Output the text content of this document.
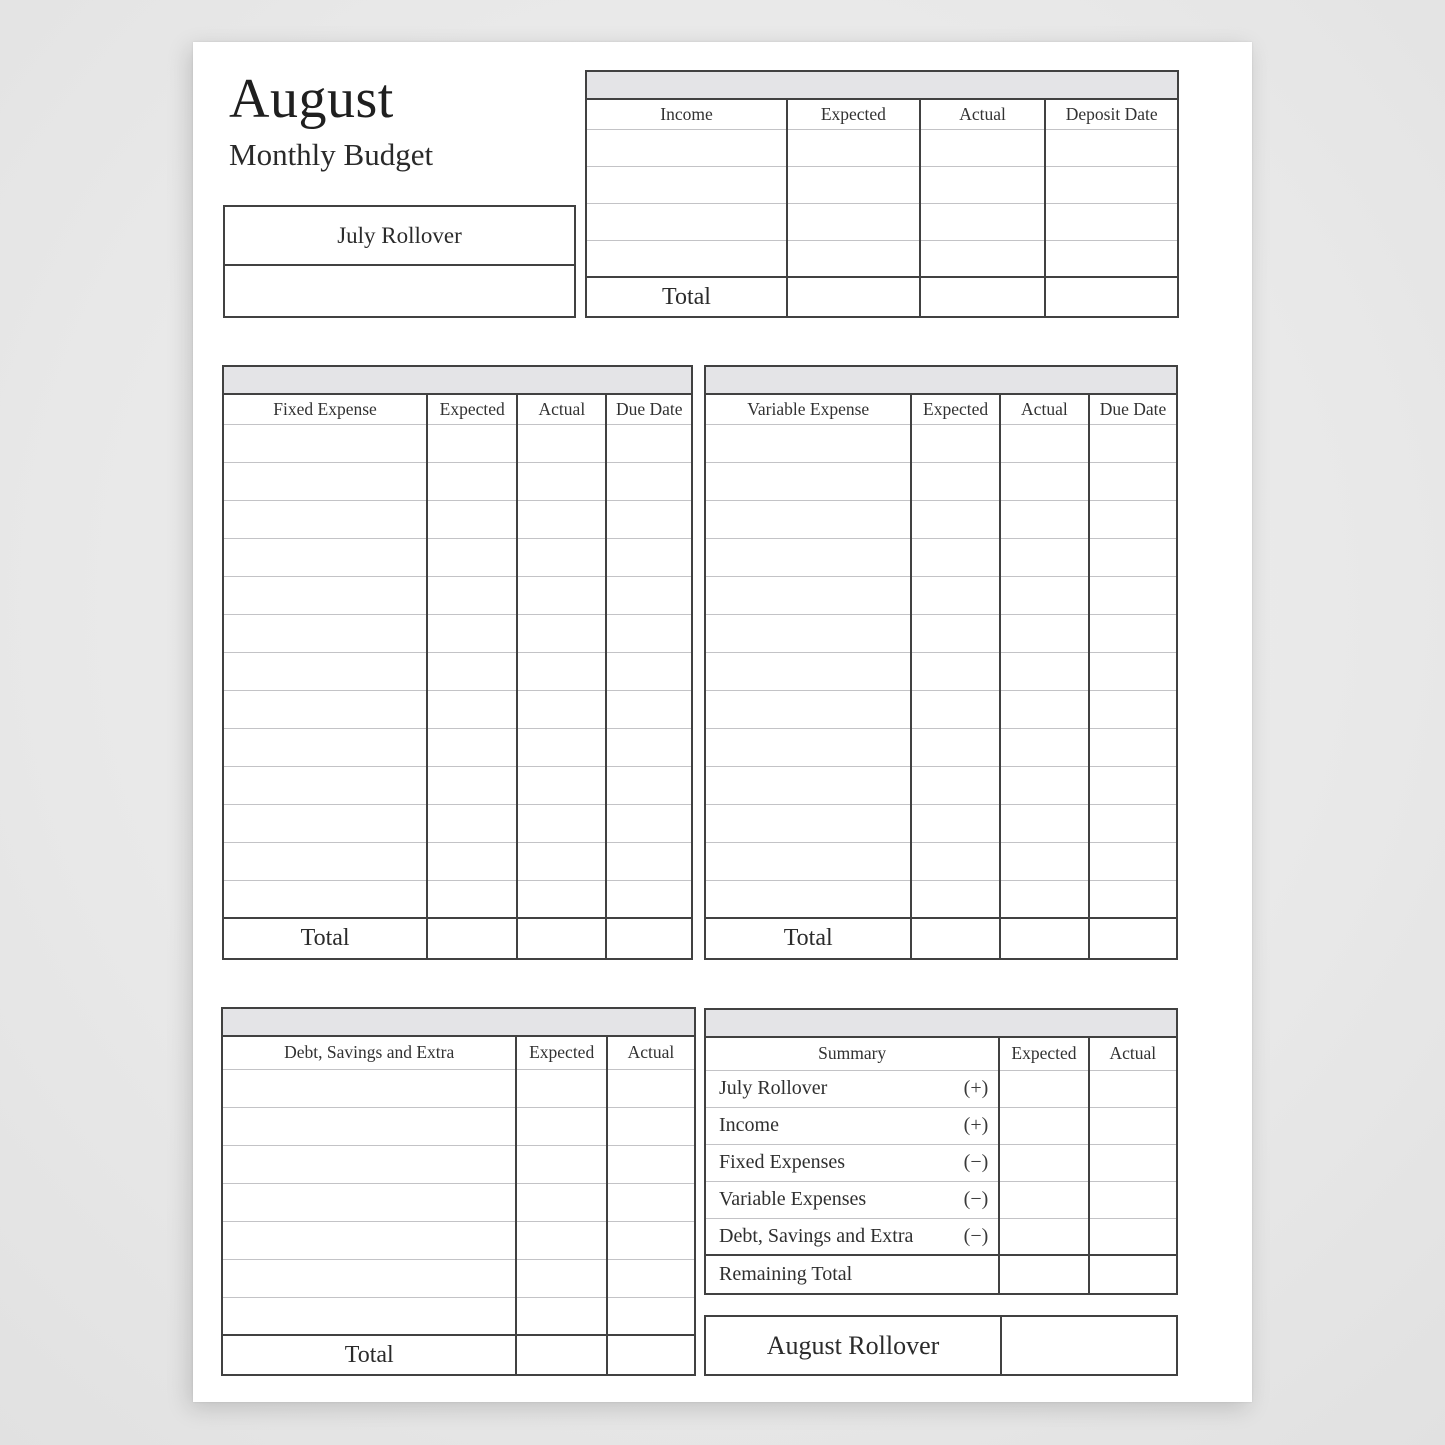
August
Monthly Budget
July Rollover
Income	Expected	Actual	Deposit Date

Total			
Fixed Expense	Expected	Actual	Due Date

Total			
Variable Expense	Expected	Actual	Due Date

Total			
Debt, Savings and Extra	Expected	Actual

Total		
Summary	Expected	Actual

July Rollover (+)		

Income (+)		

Fixed Expenses (−)		

Variable Expenses (−)		

Debt, Savings and Extra (−)		

Remaining Total		

August Rollover
